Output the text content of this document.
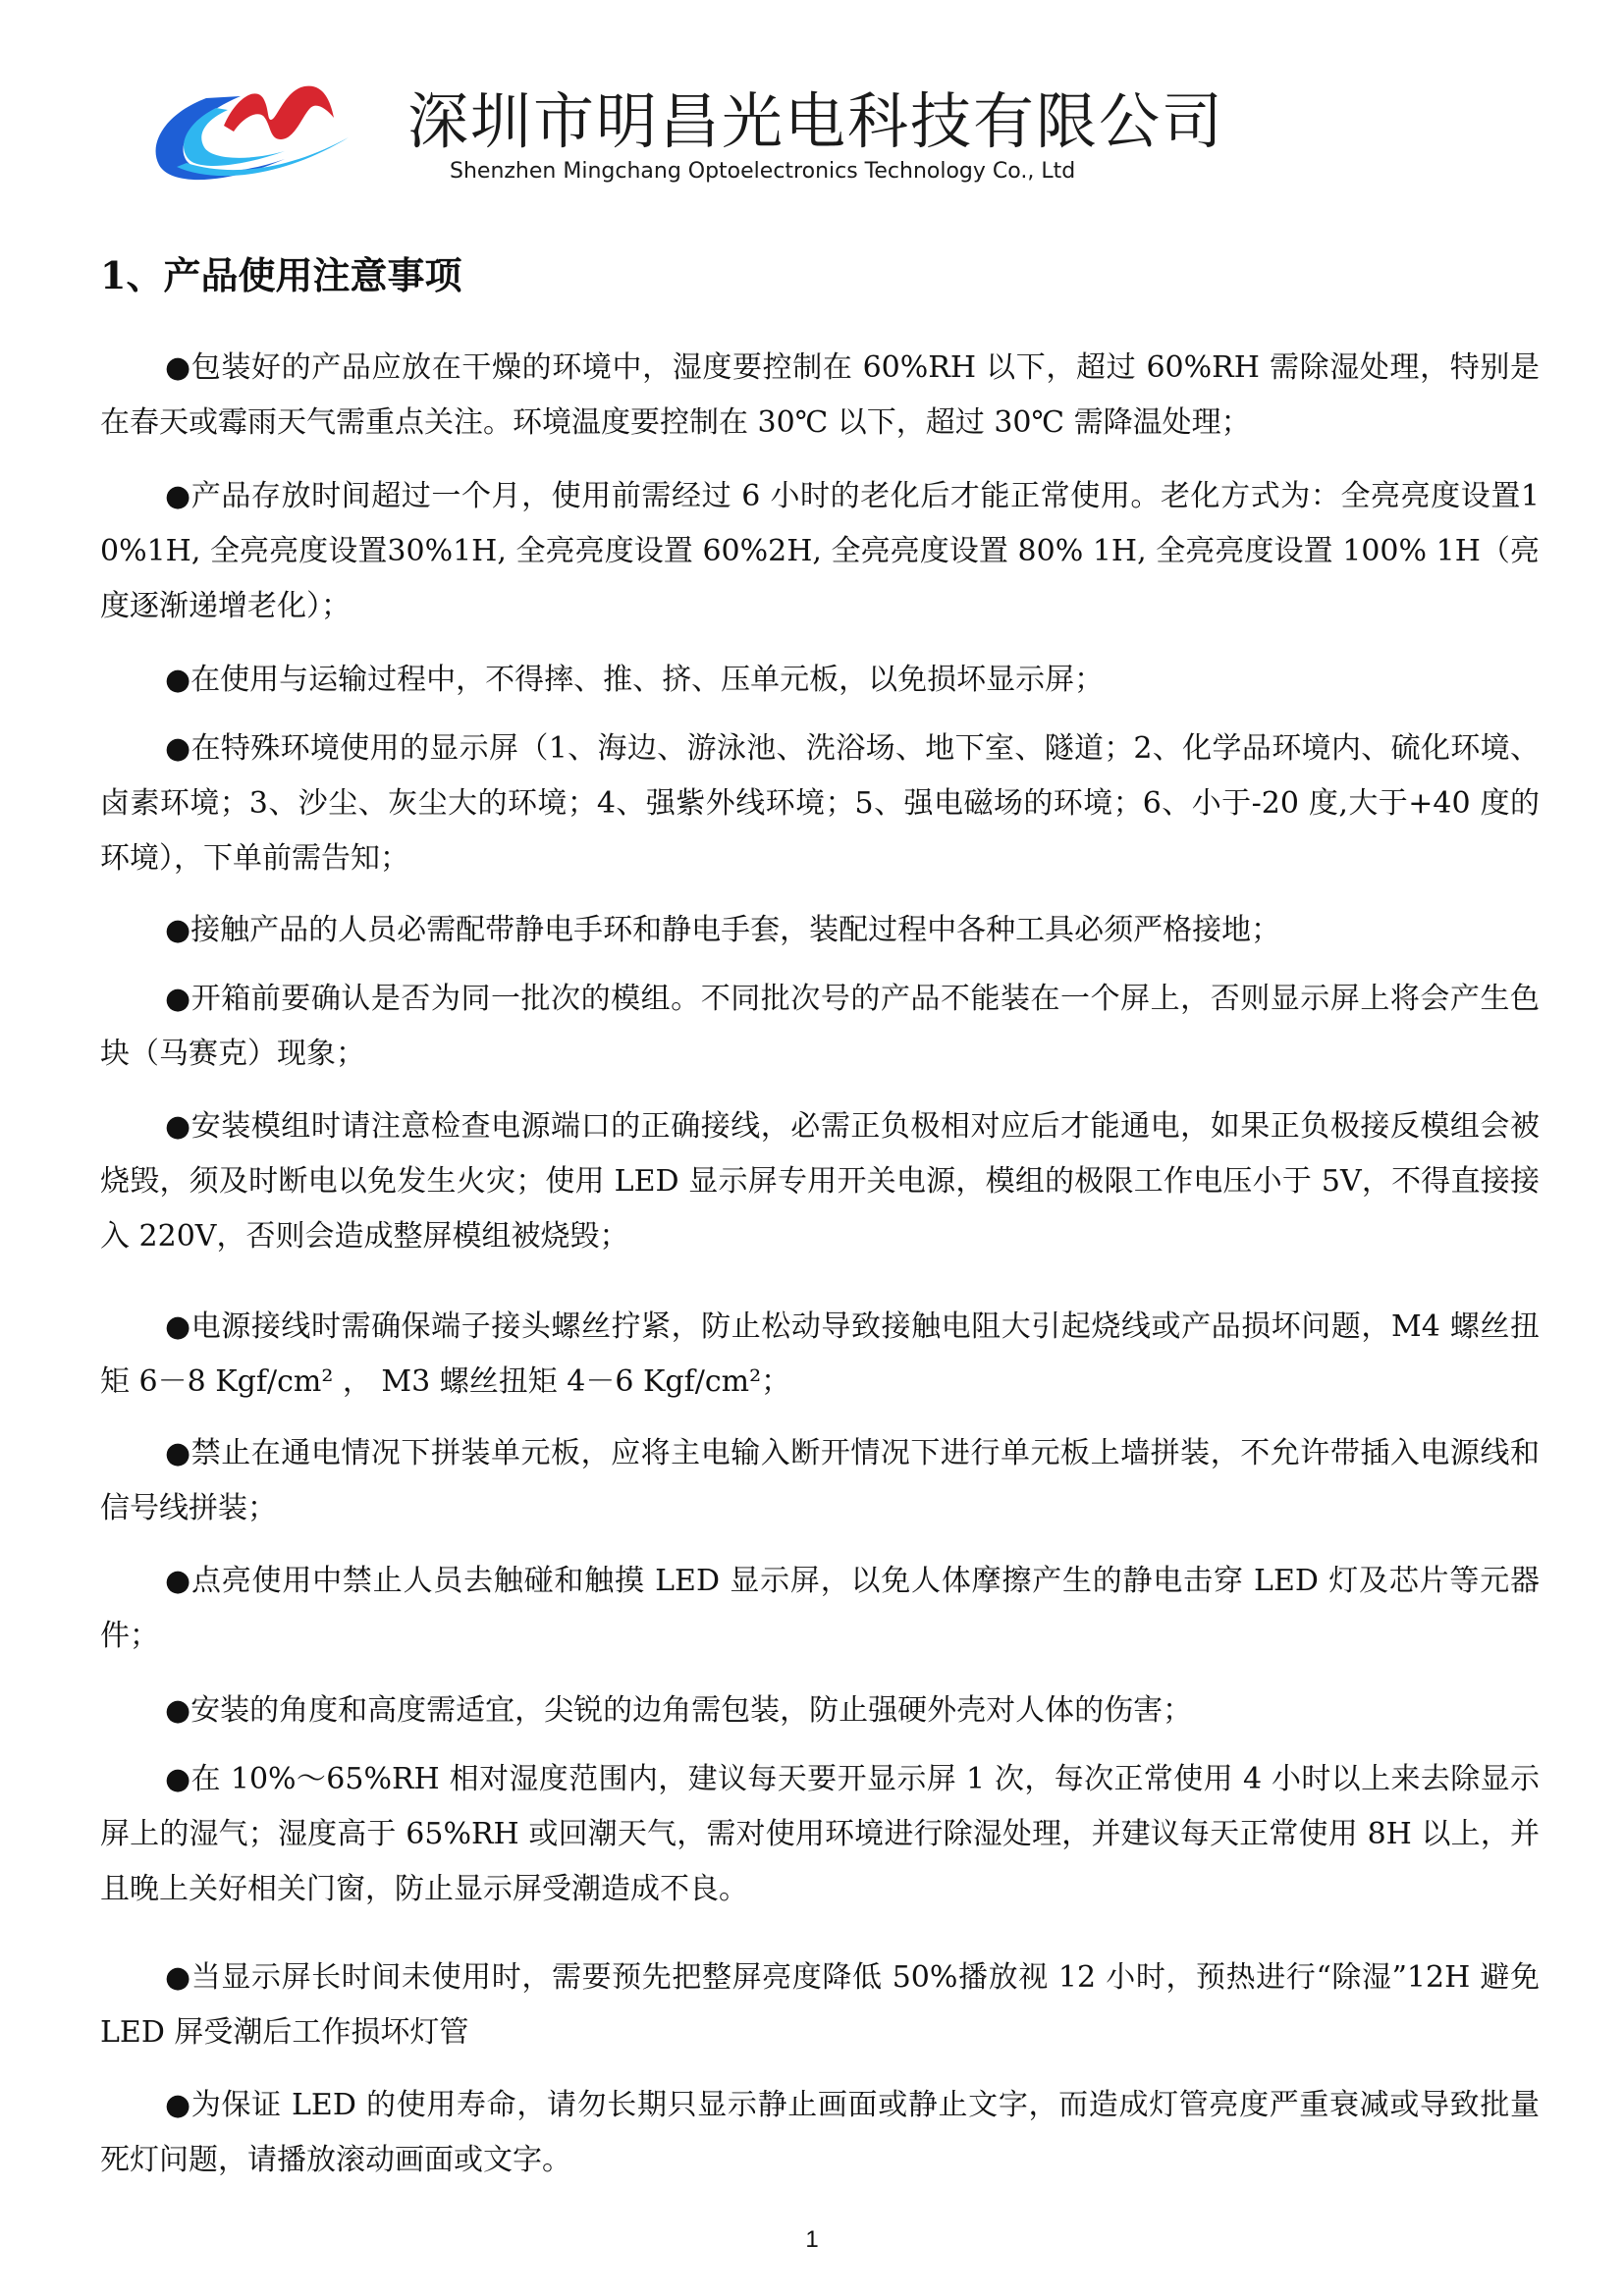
深圳市明昌光电科技有限公司
Shenzhen Mingchang Optoelectronics Technology Co., Ltd
1、产品使用注意事项

●包装好的产品应放在干燥的环境中，湿度要控制在 60%RH 以下，超过 60%RH 需除湿处理，特别是在春天或霉雨天气需重点关注。环境温度要控制在 30℃ 以下，超过 30℃ 需降温处理；

●产品存放时间超过一个月，使用前需经过 6 小时的老化后才能正常使用。老化方式为：全亮亮度设置10%1H, 全亮亮度设置30%1H, 全亮亮度设置 60%2H, 全亮亮度设置 80% 1H, 全亮亮度设置 100% 1H（亮度逐渐递增老化）；

●在使用与运输过程中，不得摔、推、挤、压单元板，以免损坏显示屏；

●在特殊环境使用的显示屏（1、海边、游泳池、洗浴场、地下室、隧道；2、化学品环境内、硫化环境、卤素环境；3、沙尘、灰尘大的环境；4、强紫外线环境；5、强电磁场的环境；6、小于-20 度,大于+40 度的环境），下单前需告知；

●接触产品的人员必需配带静电手环和静电手套，装配过程中各种工具必须严格接地；

●开箱前要确认是否为同一批次的模组。不同批次号的产品不能装在一个屏上，否则显示屏上将会产生色块（马赛克）现象；

●安装模组时请注意检查电源端口的正确接线，必需正负极相对应后才能通电，如果正负极接反模组会被烧毁，须及时断电以免发生火灾；使用 LED 显示屏专用开关电源，模组的极限工作电压小于 5V，不得直接接入 220V，否则会造成整屏模组被烧毁；

●电源接线时需确保端子接头螺丝拧紧，防止松动导致接触电阻大引起烧线或产品损坏问题，M4 螺丝扭矩 6－8 Kgf/cm² ， M3 螺丝扭矩 4－6 Kgf/cm²；

●禁止在通电情况下拼装单元板，应将主电输入断开情况下进行单元板上墙拼装，不允许带插入电源线和信号线拼装；

●点亮使用中禁止人员去触碰和触摸 LED 显示屏，以免人体摩擦产生的静电击穿 LED 灯及芯片等元器件；

●安装的角度和高度需适宜，尖锐的边角需包装，防止强硬外壳对人体的伤害；

●在 10%～65%RH 相对湿度范围内，建议每天要开显示屏 1 次，每次正常使用 4 小时以上来去除显示屏上的湿气；湿度高于 65%RH 或回潮天气，需对使用环境进行除湿处理，并建议每天正常使用 8H 以上，并且晚上关好相关门窗，防止显示屏受潮造成不良。

●当显示屏长时间未使用时，需要预先把整屏亮度降低 50%播放视 12 小时，预热进行“除湿”12H 避免 LED 屏受潮后工作损坏灯管

●为保证 LED 的使用寿命，请勿长期只显示静止画面或静止文字，而造成灯管亮度严重衰减或导致批量死灯问题，请播放滚动画面或文字。

1
